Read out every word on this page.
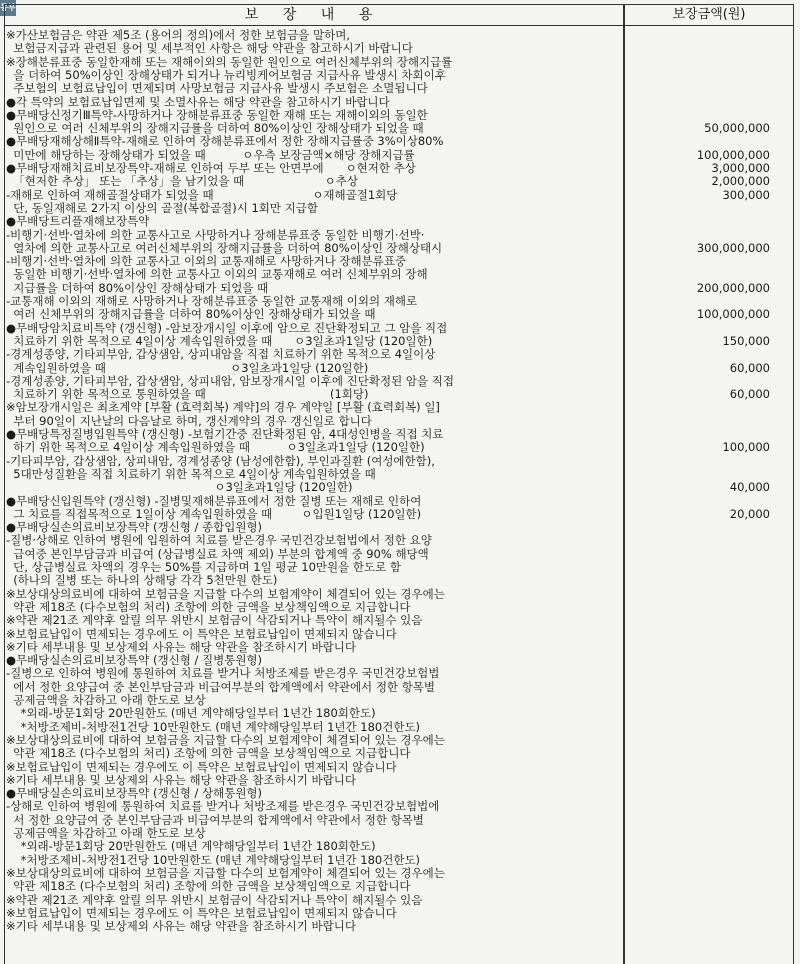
동부	보 장 내 용	보장금액(원)
※가산보험금은 약관 제5조 (용어의 정의)에서 정한 보험금을 말하며,
보험금지급과 관련된 용어 및 세부적인 사항은 해당 약관을 참고하시기 바랍니다
※장해분류표중 동일한재해 또는 재해이외의 동일한 원인으로 여러신체부위의 장해지급률
을 더하여 50%이상인 장해상태가 되거나 뉴리빙케어보험금 지급사유 발생시 차회이후
주보험의 보험료납입이 면제되며 사망보험금 지급사유 발생시 주보험은 소멸됩니다
●각 특약의 보험료납입면제 및 소멸사유는 해당 약관을 참고하시기 바랍니다
●무배당신정기Ⅲ특약-사망하거나 장해분류표중 동일한 재해 또는 재해이외의 동일한
원인으로 여러 신체부위의 장해지급률을 더하여 80%이상인 장해상태가 되었을 때
●무배당재해상해Ⅱ특약-재해로 인하여 장해분류표에서 정한 장해지급률중 3%이상80%
미만에 해당하는 장해상태가 되었을 때          ㅇ우측 보장금액×해당 장해지급률
●무배당재해치료비보장특약-재해로 인하여 두부 또는 안면부에      ㅇ현저한 추상
「현저한 추상」 또는 「추상」을 남기었을 때                      ㅇ추상
-재해로 인하여 재해골절상태가 되었을 때                           ㅇ재해골절1회당
단, 동일재해로 2가지 이상의 골절(복합골절)시 1회만 지급함
●무배당트리플재해보장특약
-비행기·선박·열차에 의한 교통사고로 사망하거나 장해분류표중 동일한 비행기·선박·
열차에 의한 교통사고로 여러신체부위의 장해지급률을 더하여 80%이상인 장해상태시
-비행기·선박·열차에 의한 교통사고 이외의 교통재해로 사망하거나 장해분류표중
동일한 비행기·선박·열차에 의한 교통사고 이외의 교통재해로 여러 신체부위의 장해
지급률을 더하여 80%이상인 장해상태가 되었을 때
-교통재해 이외의 재해로 사망하거나 장해분류표중 동일한 교통재해 이외의 재해로
여러 신체부위의 장해지급률을 더하여 80%이상인 장해상태가 되었을 때
●무배당암치료비특약 (갱신형) -암보장개시일 이후에 암으로 진단확정되고 그 암을 직접
치료하기 위한 목적으로 4일이상 계속입원하였을 때      ㅇ3일초과1일당 (120일한)
-경계성종양, 기타피부암, 갑상샘암, 상피내암을 직접 치료하기 위한 목적으로 4일이상
계속입원하였을 때                                  ㅇ3일초과1일당 (120일한)
-경계성종양, 기타피부암, 갑상샘암, 상피내암, 암보장개시일 이후에 진단확정된 암을 직접
치료하기 위한 목적으로 통원하였을 때                                  (1회당)
※암보장개시일은 최초계약 [부활 (효력회복) 계약]의 경우 계약일 [부활 (효력회복) 일]
부터 90일이 지난날의 다음날로 하며, 갱신계약의 경우 갱신일로 합니다
●무배당특정질병입원특약 (갱신형) -보험기간중 진단확정된 암, 4대성인병을 직접 치료
하기 위한 목적으로 4일이상 계속입원하였을 때          ㅇ3일초과1일당 (120일한)
-기타피부암, 갑상샘암, 상피내암, 경계성종양 (남성에한함), 부인과질환 (여성에한함),
5대만성질환을 직접 치료하기 위한 목적으로 4일이상 계속입원하였을 때
ㅇ3일초과1일당 (120일한)
●무배당신입원특약 (갱신형) -질병및재해분류표에서 정한 질병 또는 재해로 인하여
그 치료를 직접목적으로 1일이상 계속입원하였을 때        ㅇ입원1일당 (120일한)
●무배당실손의료비보장특약 (갱신형 / 종합입원형)
-질병·상해로 인하여 병원에 입원하여 치료를 받은경우 국민건강보험법에서 정한 요양
급여중 본인부담금과 비급여 (상급병실료 차액 제외) 부분의 합계액 중 90% 해당액
단, 상급병실료 차액의 경우는 50%를 지급하며 1일 평균 10만원을 한도로 함
(하나의 질병 또는 하나의 상해당 각각 5천만원 한도)
※보상대상의료비에 대하여 보험금을 지급할 다수의 보험계약이 체결되어 있는 경우에는
약관 제18조 (다수보험의 처리) 조항에 의한 금액을 보상책임액으로 지급합니다
※약관 제21조 계약후 알릴 의무 위반시 보험금이 삭감되거나 특약이 해지될수 있음
※보험료납입이 면제되는 경우에도 이 특약은 보험료납입이 면제되지 않습니다
※기타 세부내용 및 보상제외 사유는 해당 약관을 참조하시기 바랍니다
●무배당실손의료비보장특약 (갱신형 / 질병통원형)
-질병으로 인하여 병원에 통원하여 치료를 받거나 처방조제를 받은경우 국민건강보험법
에서 정한 요양급여 중 본인부담금과 비급여부분의 합계액에서 약관에서 정한 항목별
공제금액을 차감하고 아래 한도로 보상
*외래-방문1회당 20만원한도 (매년 계약해당일부터 1년간 180회한도)
*처방조제비-처방전1건당 10만원한도 (매년 계약해당일부터 1년간 180건한도)
※보상대상의료비에 대하여 보험금을 지급할 다수의 보험계약이 체결되어 있는 경우에는
약관 제18조 (다수보험의 처리) 조항에 의한 금액을 보상책임액으로 지급합니다
※보험료납입이 면제되는 경우에도 이 특약은 보험료납입이 면제되지 않습니다
※기타 세부내용 및 보상제외 사유는 해당 약관을 참조하시기 바랍니다
●무배당실손의료비보장특약 (갱신형 / 상해통원형)
-상해로 인하여 병원에 통원하여 치료를 받거나 처방조제를 받은경우 국민건강보험법에
서 정한 요양급여 중 본인부담금과 비급여부분의 합계액에서 약관에서 정한 항목별
공제금액을 차감하고 아래 한도로 보상
*외래-방문1회당 20만원한도 (매년 계약해당일부터 1년간 180회한도)
*처방조제비-처방전1건당 10만원한도 (매년 계약해당일부터 1년간 180건한도)
※보상대상의료비에 대하여 보험금을 지급할 다수의 보험계약이 체결되어 있는 경우에는
약관 제18조 (다수보험의 처리) 조항에 의한 금액을 보상책임액으로 지급합니다
※약관 제21조 계약후 알릴 의무 위반시 보험금이 삭감되거나 특약이 해지될수 있음
※보험료납입이 면제되는 경우에도 이 특약은 보험료납입이 면제되지 않습니다
※기타 세부내용 및 보상제외 사유는 해당 약관을 참조하시기 바랍니다
50,000,000
100,000,000
3,000,000
2,000,000
300,000
300,000,000
200,000,000
100,000,000
150,000
60,000
60,000
100,000
40,000
20,000
